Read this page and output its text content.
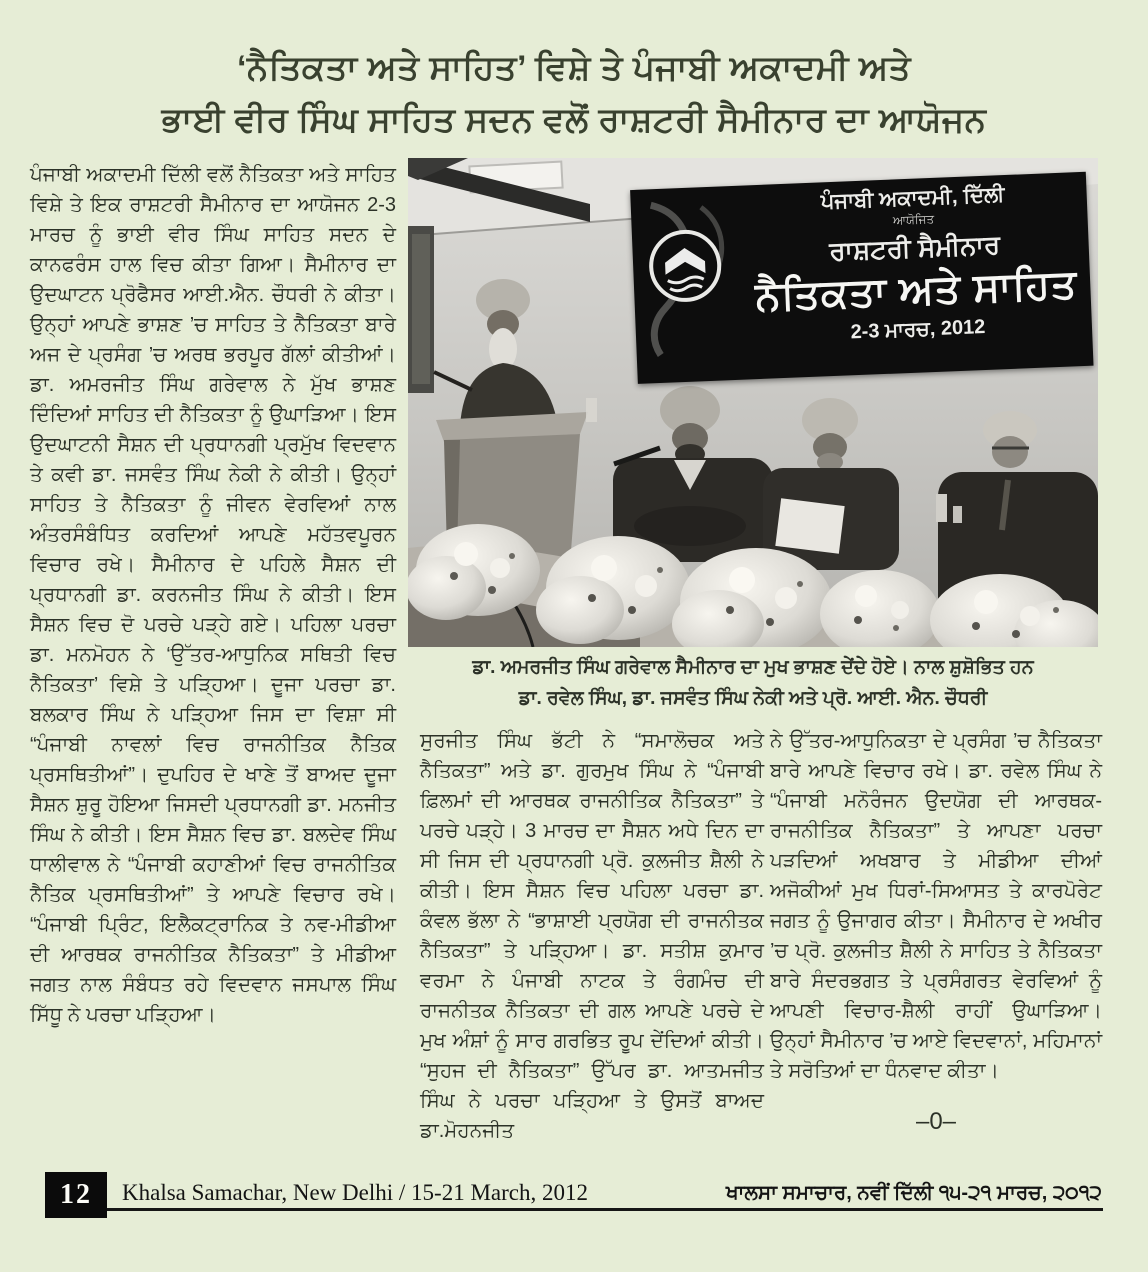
‘ਨੈਤਿਕਤਾ ਅਤੇ ਸਾਹਿਤ’ ਵਿਸ਼ੇ ਤੇ ਪੰਜਾਬੀ ਅਕਾਦਮੀ ਅਤੇ
ਭਾਈ ਵੀਰ ਸਿੰਘ ਸਾਹਿਤ ਸਦਨ ਵਲੋਂ ਰਾਸ਼ਟਰੀ ਸੈਮੀਨਾਰ ਦਾ ਆਯੋਜਨ
ਪੰਜਾਬੀ ਅਕਾਦਮੀ ਦਿੱਲੀ ਵਲੋਂ ਨੈਤਿਕਤਾ ਅਤੇ ਸਾਹਿਤ ਵਿਸ਼ੇ ਤੇ ਇਕ ਰਾਸ਼ਟਰੀ ਸੈਮੀਨਾਰ ਦਾ ਆਯੋਜਨ 2-3 ਮਾਰਚ ਨੂੰ ਭਾਈ ਵੀਰ ਸਿੰਘ ਸਾਹਿਤ ਸਦਨ ਦੇ ਕਾਨਫਰੰਸ ਹਾਲ ਵਿਚ ਕੀਤਾ ਗਿਆ। ਸੈਮੀਨਾਰ ਦਾ ਉਦਘਾਟਨ ਪ੍ਰੋਫੈਸਰ ਆਈ.ਐਨ. ਚੌਧਰੀ ਨੇ ਕੀਤਾ। ਉਨ੍ਹਾਂ ਆਪਣੇ ਭਾਸ਼ਣ ’ਚ ਸਾਹਿਤ ਤੇ ਨੈਤਿਕਤਾ ਬਾਰੇ ਅਜ ਦੇ ਪ੍ਰਸੰਗ ’ਚ ਅਰਥ ਭਰਪੂਰ ਗੱਲਾਂ ਕੀਤੀਆਂ। ਡਾ. ਅਮਰਜੀਤ ਸਿੰਘ ਗਰੇਵਾਲ ਨੇ ਮੁੱਖ ਭਾਸ਼ਣ ਦਿੰਦਿਆਂ ਸਾਹਿਤ ਦੀ ਨੈਤਿਕਤਾ ਨੂੰ ਉਘਾੜਿਆ। ਇਸ ਉਦਘਾਟਨੀ ਸੈਸ਼ਨ ਦੀ ਪ੍ਰਧਾਨਗੀ ਪ੍ਰਮੁੱਖ ਵਿਦਵਾਨ ਤੇ ਕਵੀ ਡਾ. ਜਸਵੰਤ ਸਿੰਘ ਨੇਕੀ ਨੇ ਕੀਤੀ। ਉਨ੍ਹਾਂ ਸਾਹਿਤ ਤੇ ਨੈਤਿਕਤਾ ਨੂੰ ਜੀਵਨ ਵੇਰਵਿਆਂ ਨਾਲ ਅੰਤਰਸੰਬੰਧਿਤ ਕਰਦਿਆਂ ਆਪਣੇ ਮਹੱਤਵਪੂਰਨ ਵਿਚਾਰ ਰਖੇ। ਸੈਮੀਨਾਰ ਦੇ ਪਹਿਲੇ ਸੈਸ਼ਨ ਦੀ ਪ੍ਰਧਾਨਗੀ ਡਾ. ਕਰਨਜੀਤ ਸਿੰਘ ਨੇ ਕੀਤੀ। ਇਸ ਸੈਸ਼ਨ ਵਿਚ ਦੋ ਪਰਚੇ ਪੜ੍ਹੇ ਗਏ। ਪਹਿਲਾ ਪਰਚਾ ਡਾ. ਮਨਮੋਹਨ ਨੇ ‘ਉੱਤਰ-ਆਧੁਨਿਕ ਸਥਿਤੀ ਵਿਚ ਨੈਤਿਕਤਾ’ ਵਿਸ਼ੇ ਤੇ ਪੜ੍ਹਿਆ। ਦੂਜਾ ਪਰਚਾ ਡਾ. ਬਲਕਾਰ ਸਿੰਘ ਨੇ ਪੜ੍ਹਿਆ ਜਿਸ ਦਾ ਵਿਸ਼ਾ ਸੀ “ਪੰਜਾਬੀ ਨਾਵਲਾਂ ਵਿਚ ਰਾਜਨੀਤਿਕ ਨੈਤਿਕ ਪ੍ਰਸਥਿਤੀਆਂ”। ਦੁਪਹਿਰ ਦੇ ਖਾਣੇ ਤੋਂ ਬਾਅਦ ਦੂਜਾ ਸੈਸ਼ਨ ਸ਼ੁਰੂ ਹੋਇਆ ਜਿਸਦੀ ਪ੍ਰਧਾਨਗੀ ਡਾ. ਮਨਜੀਤ ਸਿੰਘ ਨੇ ਕੀਤੀ। ਇਸ ਸੈਸ਼ਨ ਵਿਚ ਡਾ. ਬਲਦੇਵ ਸਿੰਘ ਧਾਲੀਵਾਲ ਨੇ “ਪੰਜਾਬੀ ਕਹਾਣੀਆਂ ਵਿਚ ਰਾਜਨੀਤਿਕ ਨੈਤਿਕ ਪ੍ਰਸਥਿਤੀਆਂ” ਤੇ ਆਪਣੇ ਵਿਚਾਰ ਰਖੇ। “ਪੰਜਾਬੀ ਪ੍ਰਿੰਟ, ਇਲੈਕਟ੍ਰਾਨਿਕ ਤੇ ਨਵ-ਮੀਡੀਆ ਦੀ ਆਰਥਕ ਰਾਜਨੀਤਿਕ ਨੈਤਿਕਤਾ” ਤੇ ਮੀਡੀਆ ਜਗਤ ਨਾਲ ਸੰਬੰਧਤ ਰਹੇ ਵਿਦਵਾਨ ਜਸਪਾਲ ਸਿੰਘ ਸਿੱਧੂ ਨੇ ਪਰਚਾ ਪੜ੍ਹਿਆ।
ਸੁਰਜੀਤ ਸਿੰਘ ਭੱਟੀ ਨੇ “ਸਮਾਲੋਚਕ ਅਤੇ ਨੈਤਿਕਤਾ” ਅਤੇ ਡਾ. ਗੁਰਮੁਖ ਸਿੰਘ ਨੇ “ਪੰਜਾਬੀ ਫ਼ਿਲਮਾਂ ਦੀ ਆਰਥਕ ਰਾਜਨੀਤਿਕ ਨੈਤਿਕਤਾ” ਤੇ ਪਰਚੇ ਪੜ੍ਹੇ। 3 ਮਾਰਚ ਦਾ ਸੈਸ਼ਨ ਅਧੇ ਦਿਨ ਦਾ ਸੀ ਜਿਸ ਦੀ ਪ੍ਰਧਾਨਗੀ ਪ੍ਰੋ. ਕੁਲਜੀਤ ਸ਼ੈਲੀ ਨੇ ਕੀਤੀ। ਇਸ ਸੈਸ਼ਨ ਵਿਚ ਪਹਿਲਾ ਪਰਚਾ ਡਾ. ਕੰਵਲ ਭੱਲਾ ਨੇ “ਭਾਸ਼ਾਈ ਪ੍ਰਯੋਗ ਦੀ ਰਾਜਨੀਤਕ ਨੈਤਿਕਤਾ” ਤੇ ਪੜ੍ਹਿਆ। ਡਾ. ਸਤੀਸ਼ ਕੁਮਾਰ ਵਰਮਾ ਨੇ ਪੰਜਾਬੀ ਨਾਟਕ ਤੇ ਰੰਗਮੰਚ ਦੀ ਰਾਜਨੀਤਕ ਨੈਤਿਕਤਾ ਦੀ ਗਲ ਆਪਣੇ ਪਰਚੇ ਦੇ ਮੁਖ ਅੰਸ਼ਾਂ ਨੂੰ ਸਾਰ ਗਰਭਿਤ ਰੂਪ ਦੇਂਦਿਆਂ ਕੀਤੀ। “ਸੁਹਜ ਦੀ ਨੈਤਿਕਤਾ” ਉੱਪਰ ਡਾ. ਆਤਮਜੀਤ ਸਿੰਘ ਨੇ ਪਰਚਾ ਪੜ੍ਹਿਆ ਤੇ ਉਸਤੋਂ ਬਾਅਦ ਡਾ.ਮੋਹਨਜੀਤ
ਨੇ ਉੱਤਰ-ਆਧੁਨਿਕਤਾ ਦੇ ਪ੍ਰਸੰਗ ’ਚ ਨੈਤਿਕਤਾ ਬਾਰੇ ਆਪਣੇ ਵਿਚਾਰ ਰਖੇ। ਡਾ. ਰਵੇਲ ਸਿੰਘ ਨੇ “ਪੰਜਾਬੀ ਮਨੋਰੰਜਨ ਉਦਯੋਗ ਦੀ ਆਰਥਕ-ਰਾਜਨੀਤਿਕ ਨੈਤਿਕਤਾ” ਤੇ ਆਪਣਾ ਪਰਚਾ ਪੜਦਿਆਂ ਅਖਬਾਰ ਤੇ ਮੀਡੀਆ ਦੀਆਂ ਅਜੋਕੀਆਂ ਮੁਖ ਧਿਰਾਂ-ਸਿਆਸਤ ਤੇ ਕਾਰਪੋਰੇਟ ਜਗਤ ਨੂੰ ਉਜਾਗਰ ਕੀਤਾ। ਸੈਮੀਨਾਰ ਦੇ ਅਖੀਰ ’ਚ ਪ੍ਰੋ. ਕੁਲਜੀਤ ਸ਼ੈਲੀ ਨੇ ਸਾਹਿਤ ਤੇ ਨੈਤਿਕਤਾ ਬਾਰੇ ਸੰਦਰਭਗਤ ਤੇ ਪ੍ਰਸੰਗਰਤ ਵੇਰਵਿਆਂ ਨੂੰ ਆਪਣੀ ਵਿਚਾਰ-ਸ਼ੈਲੀ ਰਾਹੀਂ ਉਘਾੜਿਆ। ਉਨ੍ਹਾਂ ਸੈਮੀਨਾਰ ’ਚ ਆਏ ਵਿਦਵਾਨਾਂ, ਮਹਿਮਾਨਾਂ ਤੇ ਸਰੋਤਿਆਂ ਦਾ ਧੰਨਵਾਦ ਕੀਤਾ।
–0–
ਪੰਜਾਬੀ ਅਕਾਦਮੀ, ਦਿੱਲੀ
ਆਯੋਜਿਤ
ਰਾਸ਼ਟਰੀ ਸੈਮੀਨਾਰ
ਨੈਤਿਕਤਾ ਅਤੇ ਸਾਹਿਤ
2-3 ਮਾਰਚ, 2012
ਡਾ. ਅਮਰਜੀਤ ਸਿੰਘ ਗਰੇਵਾਲ ਸੈਮੀਨਾਰ ਦਾ ਮੁਖ ਭਾਸ਼ਣ ਦੇਂਦੇ ਹੋਏ। ਨਾਲ ਸ਼ੁਸ਼ੋਭਿਤ ਹਨ
ਡਾ. ਰਵੇਲ ਸਿੰਘ, ਡਾ. ਜਸਵੰਤ ਸਿੰਘ ਨੇਕੀ ਅਤੇ ਪ੍ਰੋ. ਆਈ. ਐਨ. ਚੌਧਰੀ
12	Khalsa Samachar, New Delhi / 15-21 March, 2012	ਖਾਲਸਾ ਸਮਾਚਾਰ, ਨਵੀਂ ਦਿੱਲੀ ੧੫-੨੧ ਮਾਰਚ, ੨੦੧੨
